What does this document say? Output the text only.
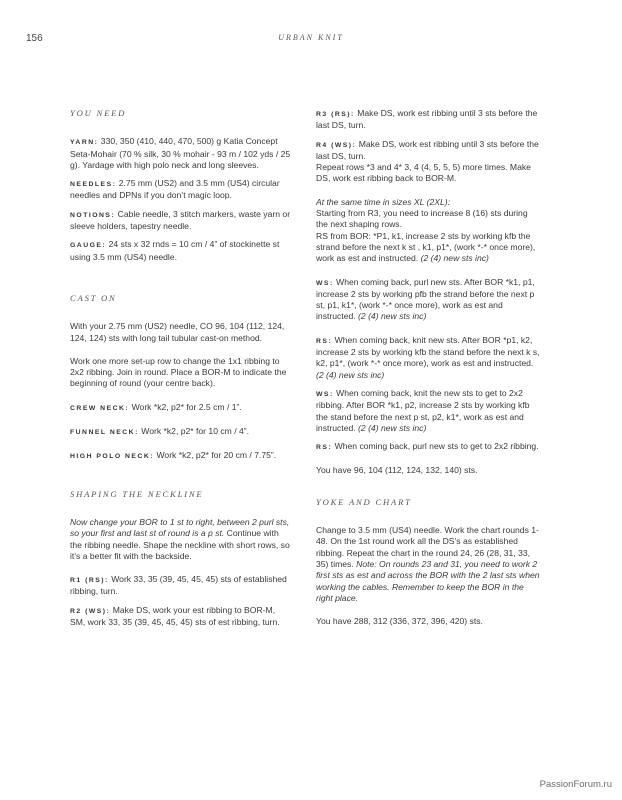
156	URBAN KNIT
YOU NEED

YARN: 330, 350 (410, 440, 470, 500) g Katia Concept Seta-Mohair (70 % silk, 30 % mohair - 93 m / 102 yds / 25 g). Yardage with high polo neck and long sleeves.

NEEDLES: 2.75 mm (US2) and 3.5 mm (US4) circular needles and DPNs if you don’t magic loop.

NOTIONS: Cable needle, 3 stitch markers, waste yarn or sleeve holders, tapestry needle.

GAUGE: 24 sts x 32 rnds = 10 cm / 4” of stockinette st using 3.5 mm (US4) needle.

CAST ON

With your 2.75 mm (US2) needle, CO 96, 104 (112, 124, 124, 124) sts with long tail tubular cast-on method.

Work one more set-up row to change the 1x1 ribbing to 2x2 ribbing. Join in round. Place a BOR-M to indicate the beginning of round (your centre back).

CREW NECK: Work *k2, p2* for 2.5 cm / 1”.

FUNNEL NECK: Work *k2, p2* for 10 cm / 4”.

HIGH POLO NECK: Work *k2, p2* for 20 cm / 7.75”.

SHAPING THE NECKLINE

Now change your BOR to 1 st to right, between 2 purl sts, so your first and last st of round is a p st. Continue with the ribbing needle. Shape the neckline with short rows, so it’s a better fit with the backside.

R1 (RS): Work 33, 35 (39, 45, 45, 45) sts of established ribbing, turn.

R2 (WS): Make DS, work your est ribbing to BOR-M, SM, work 33, 35 (39, 45, 45, 45) sts of est ribbing, turn.

R3 (RS): Make DS, work est ribbing until 3 sts before the last DS, turn.

R4 (WS): Make DS, work est ribbing until 3 sts before the last DS, turn.

Repeat rows *3 and 4* 3, 4 (4, 5, 5, 5) more times. Make DS, work est ribbing back to BOR-M.

At the same time in sizes XL (2XL):
Starting from R3, you need to increase 8 (16) sts during the next shaping rows.

RS from BOR: *P1, k1, increase 2 sts by working kfb the strand before the next k st , k1, p1*, (work *-* once more), work as est and instructed. (2 (4) new sts inc)

WS: When coming back, purl new sts. After BOR *k1, p1, increase 2 sts by working pfb the strand before the next p st, p1, k1*, (work *-* once more), work as est and instructed. (2 (4) new sts inc)

RS: When coming back, knit new sts. After BOR *p1, k2, increase 2 sts by working kfb the stand before the next k s, k2, p1*, (work *-* once more), work as est and instructed. (2 (4) new sts inc)

WS: When coming back, knit the new sts to get to 2x2 ribbing. After BOR *k1, p2, increase 2 sts by working kfb the stand before the next p st, p2, k1*, work as est and instructed. (2 (4) new sts inc)

RS: When coming back, purl new sts to get to 2x2 ribbing.

You have 96, 104 (112, 124, 132, 140) sts.

YOKE AND CHART

Change to 3.5 mm (US4) needle. Work the chart rounds 1-48. On the 1st round work all the DS’s as established ribbing. Repeat the chart in the round 24, 26 (28, 31, 33, 35) times. Note: On rounds 23 and 31, you need to work 2 first sts as est and across the BOR with the 2 last sts when working the cables. Remember to keep the BOR in the right place.

You have 288, 312 (336, 372, 396, 420) sts.

PassionForum.ru
